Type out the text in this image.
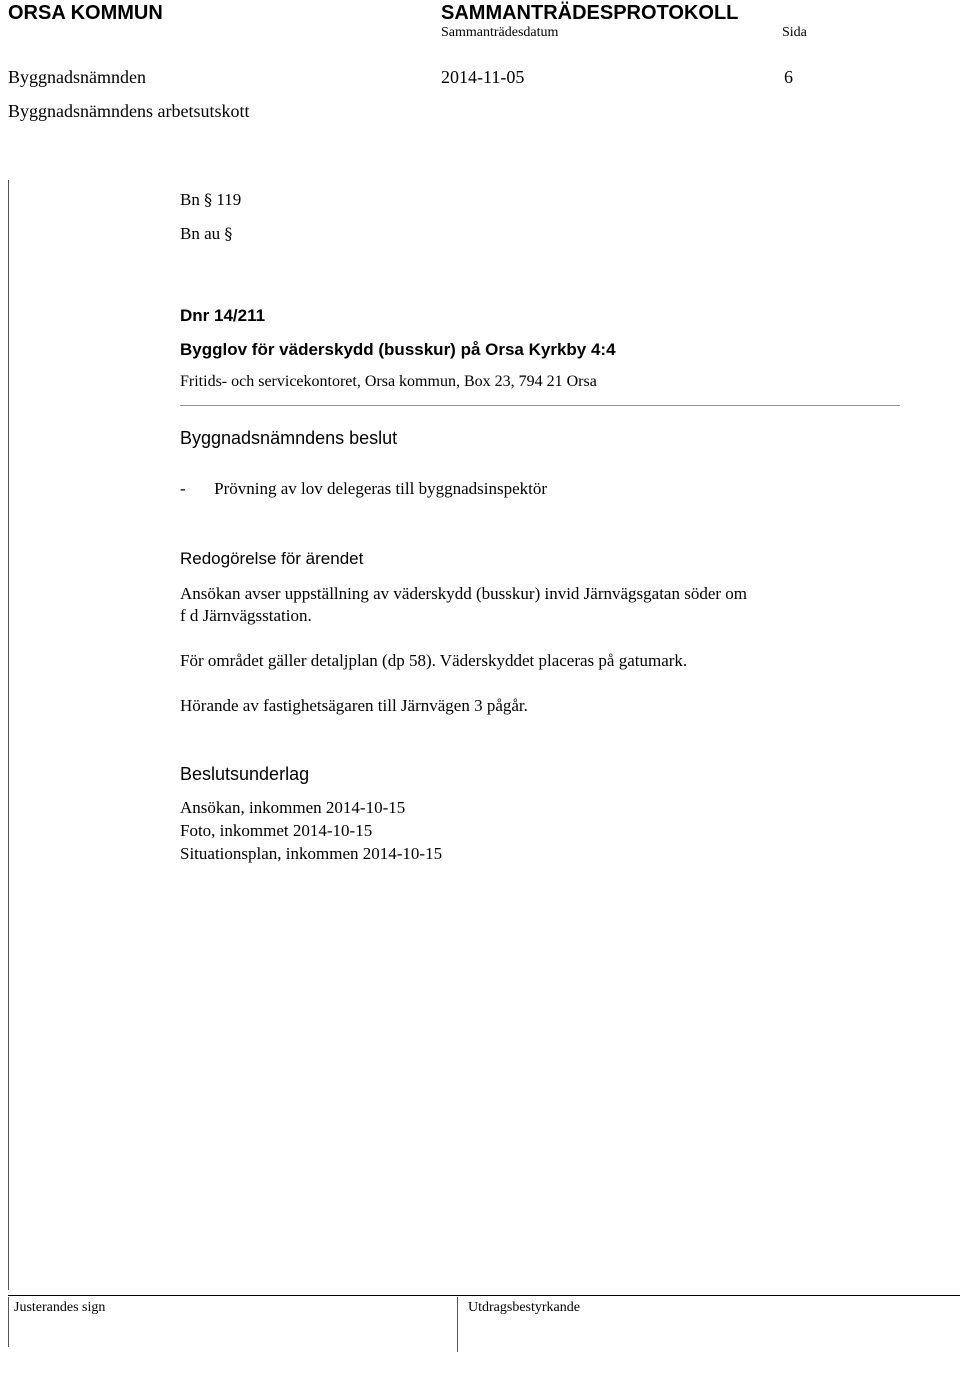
ORSA KOMMUN	SAMMANTRÄDESPROTOKOLL
Sammanträdesdatum	Sida
Byggnadsnämnden	2014-11-05	6
Byggnadsnämndens arbetsutskott
Bn § 119
Bn au §
Dnr 14/211
Bygglov för väderskydd (busskur) på Orsa Kyrkby 4:4
Fritids- och servicekontoret, Orsa kommun, Box 23, 794 21 Orsa
Byggnadsnämndens beslut
- Prövning av lov delegeras till byggnadsinspektör
Redogörelse för ärendet
Ansökan avser uppställning av väderskydd (busskur) invid Järnvägsgatan söder om
f d Järnvägsstation.
För området gäller detaljplan (dp 58). Väderskyddet placeras på gatumark.
Hörande av fastighetsägaren till Järnvägen 3 pågår.
Beslutsunderlag
Ansökan, inkommen 2014-10-15
Foto, inkommet 2014-10-15
Situationsplan, inkommen 2014-10-15
Justerandes sign	Utdragsbestyrkande
